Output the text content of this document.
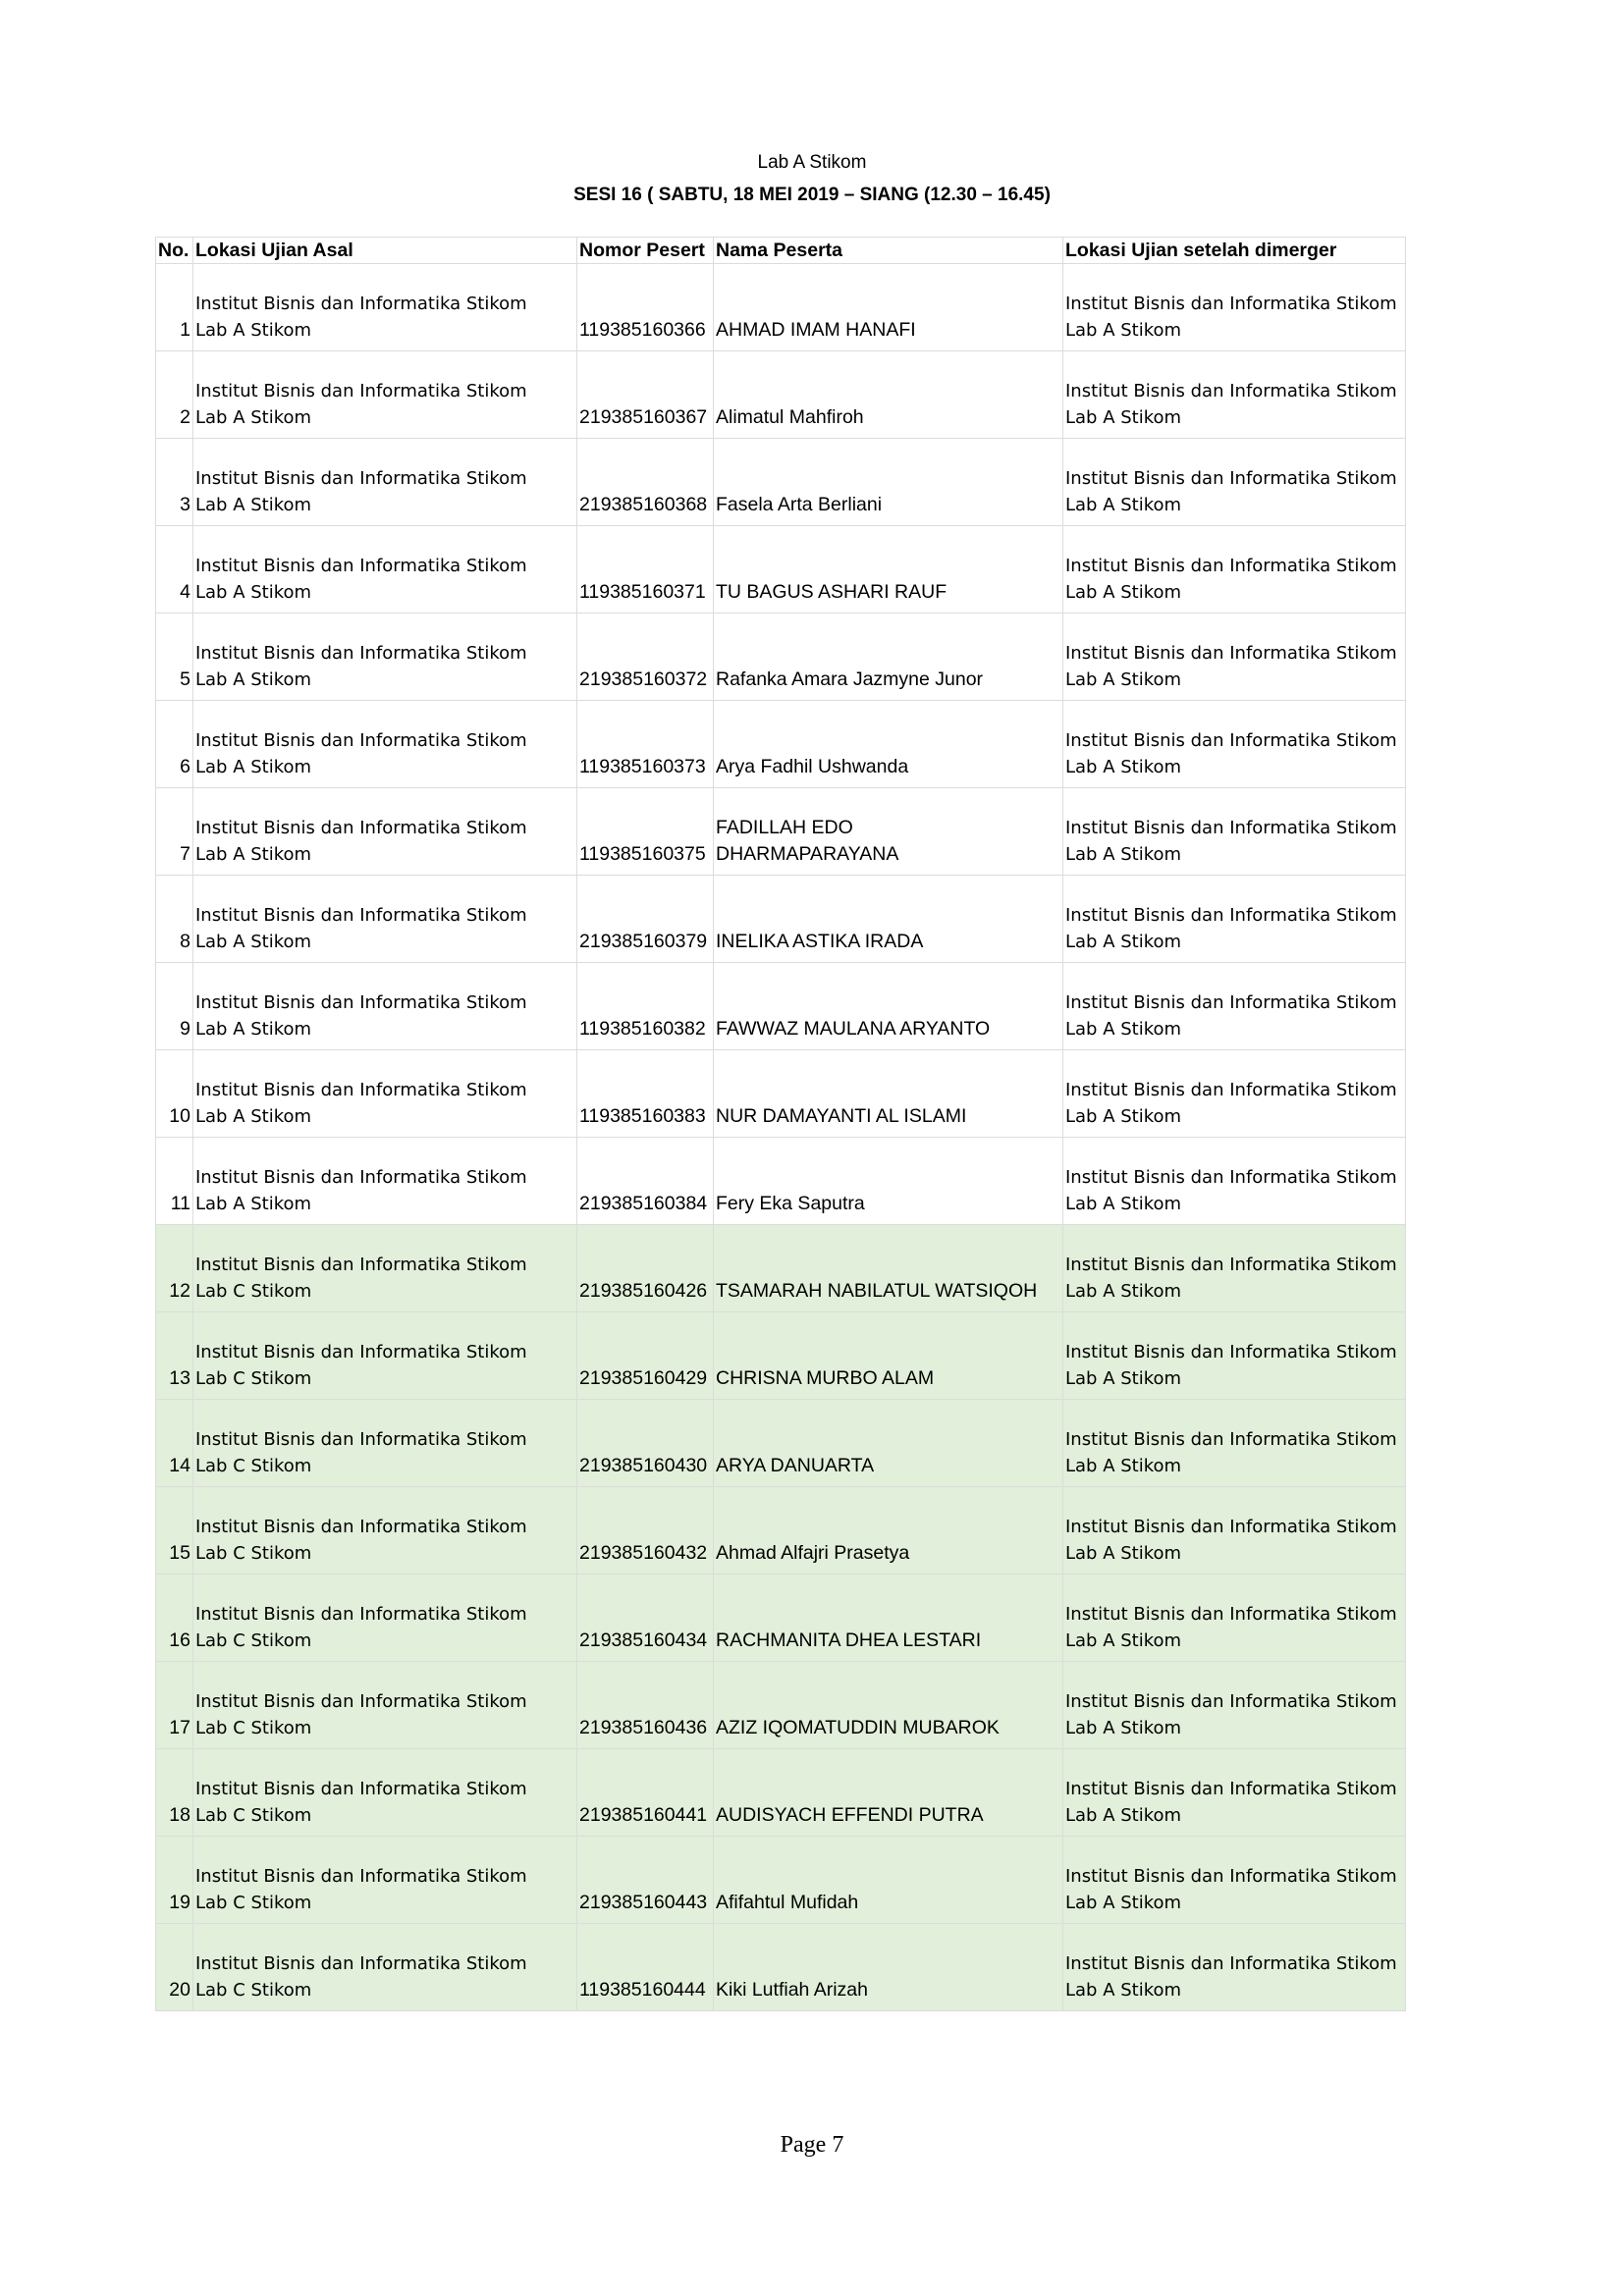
Lab A Stikom
SESI 16 ( SABTU, 18 MEI 2019 – SIANG (12.30 – 16.45)
No.	Lokasi Ujian Asal	Nomor Pesert	Nama Peserta	Lokasi Ujian setelah dimerger
1	Institut Bisnis dan Informatika Stikom
Lab A Stikom	119385160366	AHMAD IMAM HANAFI	Institut Bisnis dan Informatika Stikom
Lab A Stikom
2	Institut Bisnis dan Informatika Stikom
Lab A Stikom	219385160367	Alimatul Mahfiroh	Institut Bisnis dan Informatika Stikom
Lab A Stikom
3	Institut Bisnis dan Informatika Stikom
Lab A Stikom	219385160368	Fasela Arta Berliani	Institut Bisnis dan Informatika Stikom
Lab A Stikom
4	Institut Bisnis dan Informatika Stikom
Lab A Stikom	119385160371	TU BAGUS ASHARI RAUF	Institut Bisnis dan Informatika Stikom
Lab A Stikom
5	Institut Bisnis dan Informatika Stikom
Lab A Stikom	219385160372	Rafanka Amara Jazmyne Junor	Institut Bisnis dan Informatika Stikom
Lab A Stikom
6	Institut Bisnis dan Informatika Stikom
Lab A Stikom	119385160373	Arya Fadhil Ushwanda	Institut Bisnis dan Informatika Stikom
Lab A Stikom
7	Institut Bisnis dan Informatika Stikom
Lab A Stikom	119385160375	FADILLAH EDO
DHARMAPARAYANA	Institut Bisnis dan Informatika Stikom
Lab A Stikom
8	Institut Bisnis dan Informatika Stikom
Lab A Stikom	219385160379	INELIKA ASTIKA IRADA	Institut Bisnis dan Informatika Stikom
Lab A Stikom
9	Institut Bisnis dan Informatika Stikom
Lab A Stikom	119385160382	FAWWAZ MAULANA ARYANTO	Institut Bisnis dan Informatika Stikom
Lab A Stikom
10	Institut Bisnis dan Informatika Stikom
Lab A Stikom	119385160383	NUR DAMAYANTI AL ISLAMI	Institut Bisnis dan Informatika Stikom
Lab A Stikom
11	Institut Bisnis dan Informatika Stikom
Lab A Stikom	219385160384	Fery Eka Saputra	Institut Bisnis dan Informatika Stikom
Lab A Stikom
12	Institut Bisnis dan Informatika Stikom
Lab C Stikom	219385160426	TSAMARAH NABILATUL WATSIQOH	Institut Bisnis dan Informatika Stikom
Lab A Stikom
13	Institut Bisnis dan Informatika Stikom
Lab C Stikom	219385160429	CHRISNA MURBO ALAM	Institut Bisnis dan Informatika Stikom
Lab A Stikom
14	Institut Bisnis dan Informatika Stikom
Lab C Stikom	219385160430	ARYA DANUARTA	Institut Bisnis dan Informatika Stikom
Lab A Stikom
15	Institut Bisnis dan Informatika Stikom
Lab C Stikom	219385160432	Ahmad Alfajri Prasetya	Institut Bisnis dan Informatika Stikom
Lab A Stikom
16	Institut Bisnis dan Informatika Stikom
Lab C Stikom	219385160434	RACHMANITA DHEA LESTARI	Institut Bisnis dan Informatika Stikom
Lab A Stikom
17	Institut Bisnis dan Informatika Stikom
Lab C Stikom	219385160436	AZIZ IQOMATUDDIN MUBAROK	Institut Bisnis dan Informatika Stikom
Lab A Stikom
18	Institut Bisnis dan Informatika Stikom
Lab C Stikom	219385160441	AUDISYACH EFFENDI PUTRA	Institut Bisnis dan Informatika Stikom
Lab A Stikom
19	Institut Bisnis dan Informatika Stikom
Lab C Stikom	219385160443	Afifahtul Mufidah	Institut Bisnis dan Informatika Stikom
Lab A Stikom
20	Institut Bisnis dan Informatika Stikom
Lab C Stikom	119385160444	Kiki Lutfiah Arizah	Institut Bisnis dan Informatika Stikom
Lab A Stikom
Page 7
